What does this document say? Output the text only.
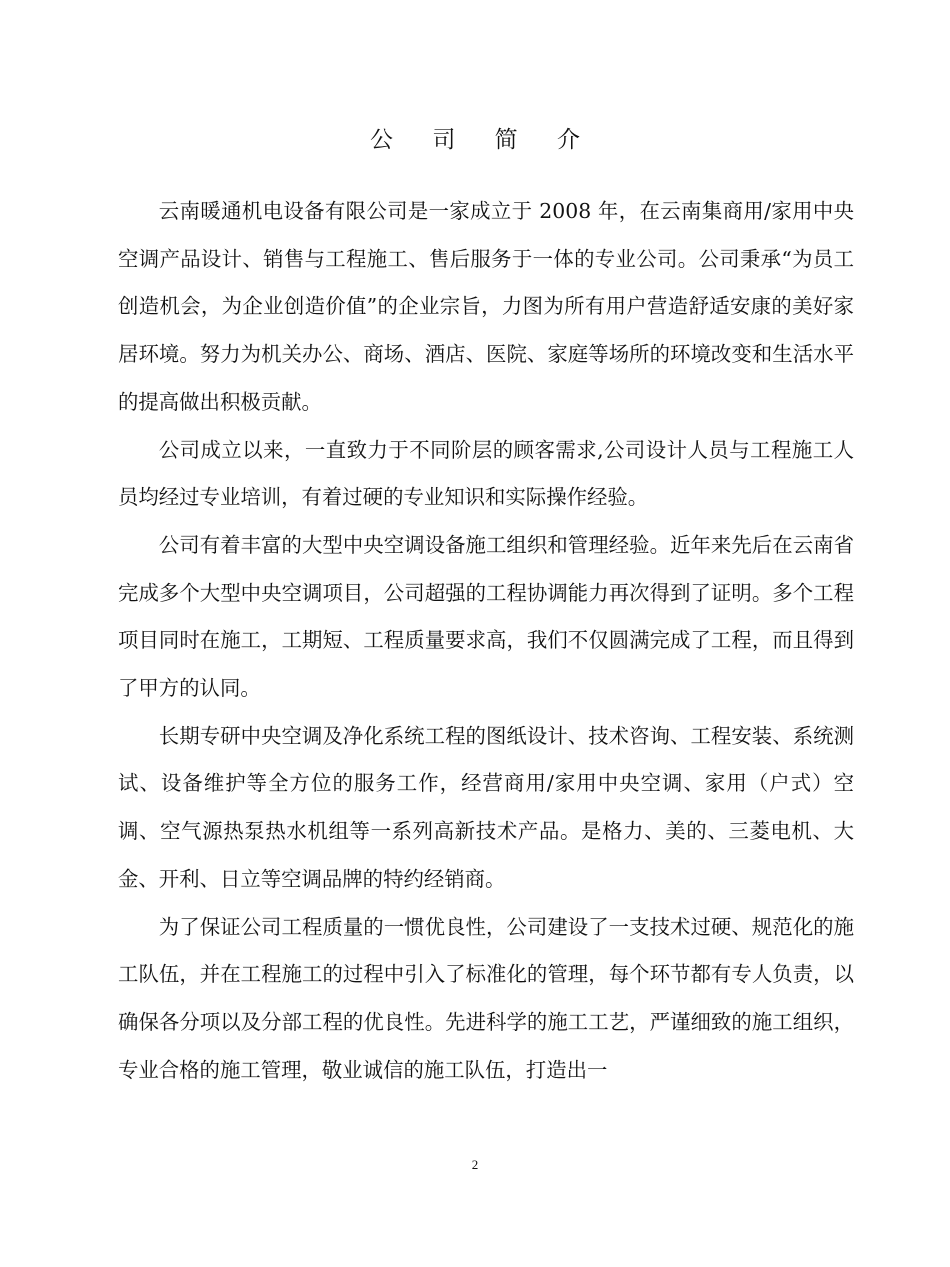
公 司 简 介

云南暖通机电设备有限公司是一家成立于 2008 年，在云南集商用/家用中央空调产品设计、销售与工程施工、售后服务于一体的专业公司。公司秉承“为员工创造机会，为企业创造价值”的企业宗旨，力图为所有用户营造舒适安康的美好家居环境。努力为机关办公、商场、酒店、医院、家庭等场所的环境改变和生活水平的提高做出积极贡献。

公司成立以来，一直致力于不同阶层的顾客需求,公司设计人员与工程施工人员均经过专业培训，有着过硬的专业知识和实际操作经验。

公司有着丰富的大型中央空调设备施工组织和管理经验。近年来先后在云南省完成多个大型中央空调项目，公司超强的工程协调能力再次得到了证明。多个工程项目同时在施工，工期短、工程质量要求高，我们不仅圆满完成了工程，而且得到了甲方的认同。

长期专研中央空调及净化系统工程的图纸设计、技术咨询、工程安装、系统测试、设备维护等全方位的服务工作，经营商用/家用中央空调、家用（户式）空调、空气源热泵热水机组等一系列高新技术产品。是格力、美的、三菱电机、大金、开利、日立等空调品牌的特约经销商。

为了保证公司工程质量的一惯优良性，公司建设了一支技术过硬、规范化的施工队伍，并在工程施工的过程中引入了标准化的管理，每个环节都有专人负责，以确保各分项以及分部工程的优良性。先进科学的施工工艺，严谨细致的施工组织，专业合格的施工管理，敬业诚信的施工队伍，打造出一

2
